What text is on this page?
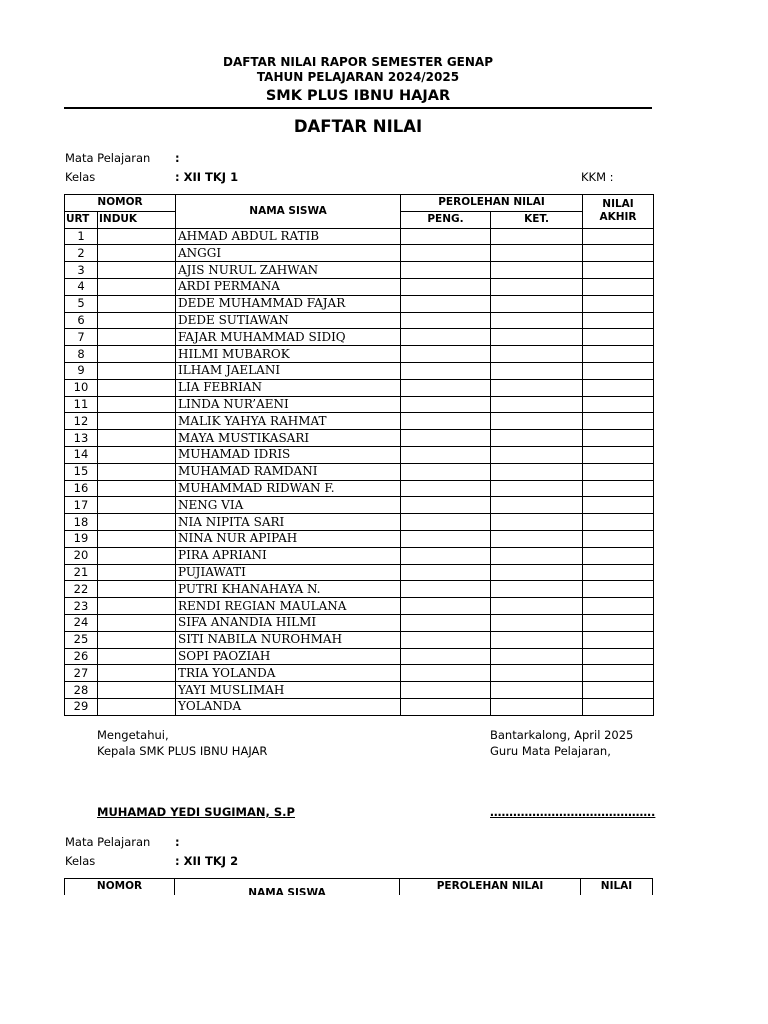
DAFTAR NILAI RAPOR SEMESTER GENAP
TAHUN PELAJARAN 2024/2025
SMK PLUS IBNU HAJAR
DAFTAR NILAI
Mata Pelajaran :
Kelas	: XII TKJ 1	KKM :
NOMOR		NAMA SISWA	PEROLEHAN NILAI		NILAI
AKHIR
URT	INDUK		PENG.	KET.	
1		AHMAD ABDUL RATIB			
2		ANGGI			
3		AJIS NURUL ZAHWAN			
4		ARDI PERMANA			
5		DEDE MUHAMMAD FAJAR			
6		DEDE SUTIAWAN			
7		FAJAR MUHAMMAD SIDIQ			
8		HILMI MUBAROK			
9		ILHAM JAELANI			
10		LIA FEBRIAN			
11		LINDA NUR’AENI			
12		MALIK YAHYA RAHMAT			
13		MAYA MUSTIKASARI			
14		MUHAMAD IDRIS			
15		MUHAMAD RAMDANI			
16		MUHAMMAD RIDWAN F.			
17		NENG VIA			
18		NIA NIPITA SARI			
19		NINA NUR APIPAH			
20		PIRA APRIANI			
21		PUJIAWATI			
22		PUTRI KHANAHAYA N.			
23		RENDI REGIAN MAULANA			
24		SIFA ANANDIA HILMI			
25		SITI NABILA NUROHMAH			
26		SOPI PAOZIAH			
27		TRIA YOLANDA			
28		YAYI MUSLIMAH			
29		YOLANDA			
Mengetahui,
Kepala SMK PLUS IBNU HAJAR
Bantarkalong, April 2025
Guru Mata Pelajaran,
MUHAMAD YEDI SUGIMAN, S.P	…………………………………….
Mata Pelajaran :
Kelas	: XII TKJ 2
NOMOR
NAMA SISWA
PEROLEHAN NILAI	NILAI
